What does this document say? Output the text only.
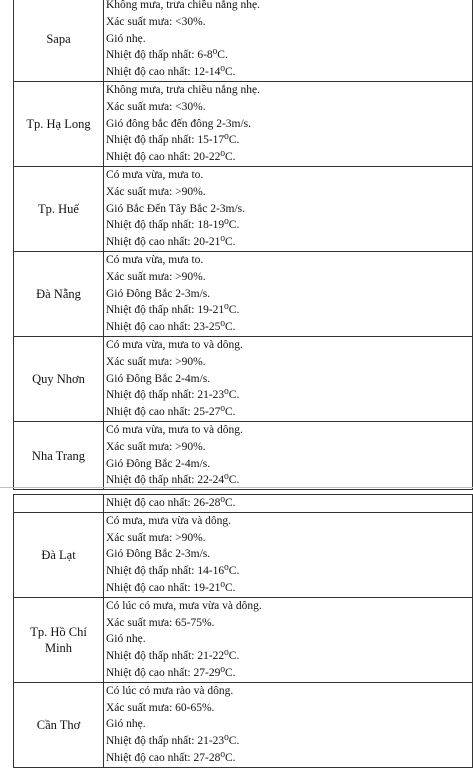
Sapa	Không mưa, trưa chiều nắng nhẹ.
Xác suất mưa: <30%.
Gió nhẹ.
Nhiệt độ thấp nhất: 6-8⁰C.
Nhiệt độ cao nhất: 12-14⁰C.

Tp. Hạ Long	Không mưa, trưa chiều nắng nhẹ.
Xác suất mưa: <30%.
Gió đông bắc đến đông 2-3m/s.
Nhiệt độ thấp nhất: 15-17⁰C.
Nhiệt độ cao nhất: 20-22⁰C.

Tp. Huế	Có mưa vừa, mưa to.
Xác suất mưa: >90%.
Gió Bắc Đến Tây Bắc 2-3m/s.
Nhiệt độ thấp nhất: 18-19⁰C.
Nhiệt độ cao nhất: 20-21⁰C.

Đà Nẵng	Có mưa vừa, mưa to.
Xác suất mưa: >90%.
Gió Đông Bắc 2-3m/s.
Nhiệt độ thấp nhất: 19-21⁰C.
Nhiệt độ cao nhất: 23-25⁰C.

Quy Nhơn	Có mưa vừa, mưa to và dông.
Xác suất mưa: >90%.
Gió Đông Bắc 2-4m/s.
Nhiệt độ thấp nhất: 21-23⁰C.
Nhiệt độ cao nhất: 25-27⁰C.

Nha Trang	Có mưa vừa, mưa to và dông.
Xác suất mưa: >90%.
Gió Đông Bắc 2-4m/s.
Nhiệt độ thấp nhất: 22-24⁰C.

	Nhiệt độ cao nhất: 26-28⁰C.

Đà Lạt	Có mưa, mưa vừa và dông.
Xác suất mưa: >90%.
Gió Đông Bắc 2-3m/s.
Nhiệt độ thấp nhất: 14-16⁰C.
Nhiệt độ cao nhất: 19-21⁰C.

Tp. Hồ Chí Minh	Có lúc có mưa, mưa vừa và dông.
Xác suất mưa: 65-75%.
Gió nhẹ.
Nhiệt độ thấp nhất: 21-22⁰C.
Nhiệt độ cao nhất: 27-29⁰C.

Cần Thơ	Có lúc có mưa rào và dông.
Xác suất mưa: 60-65%.
Gió nhẹ.
Nhiệt độ thấp nhất: 21-23⁰C.
Nhiệt độ cao nhất: 27-28⁰C.
